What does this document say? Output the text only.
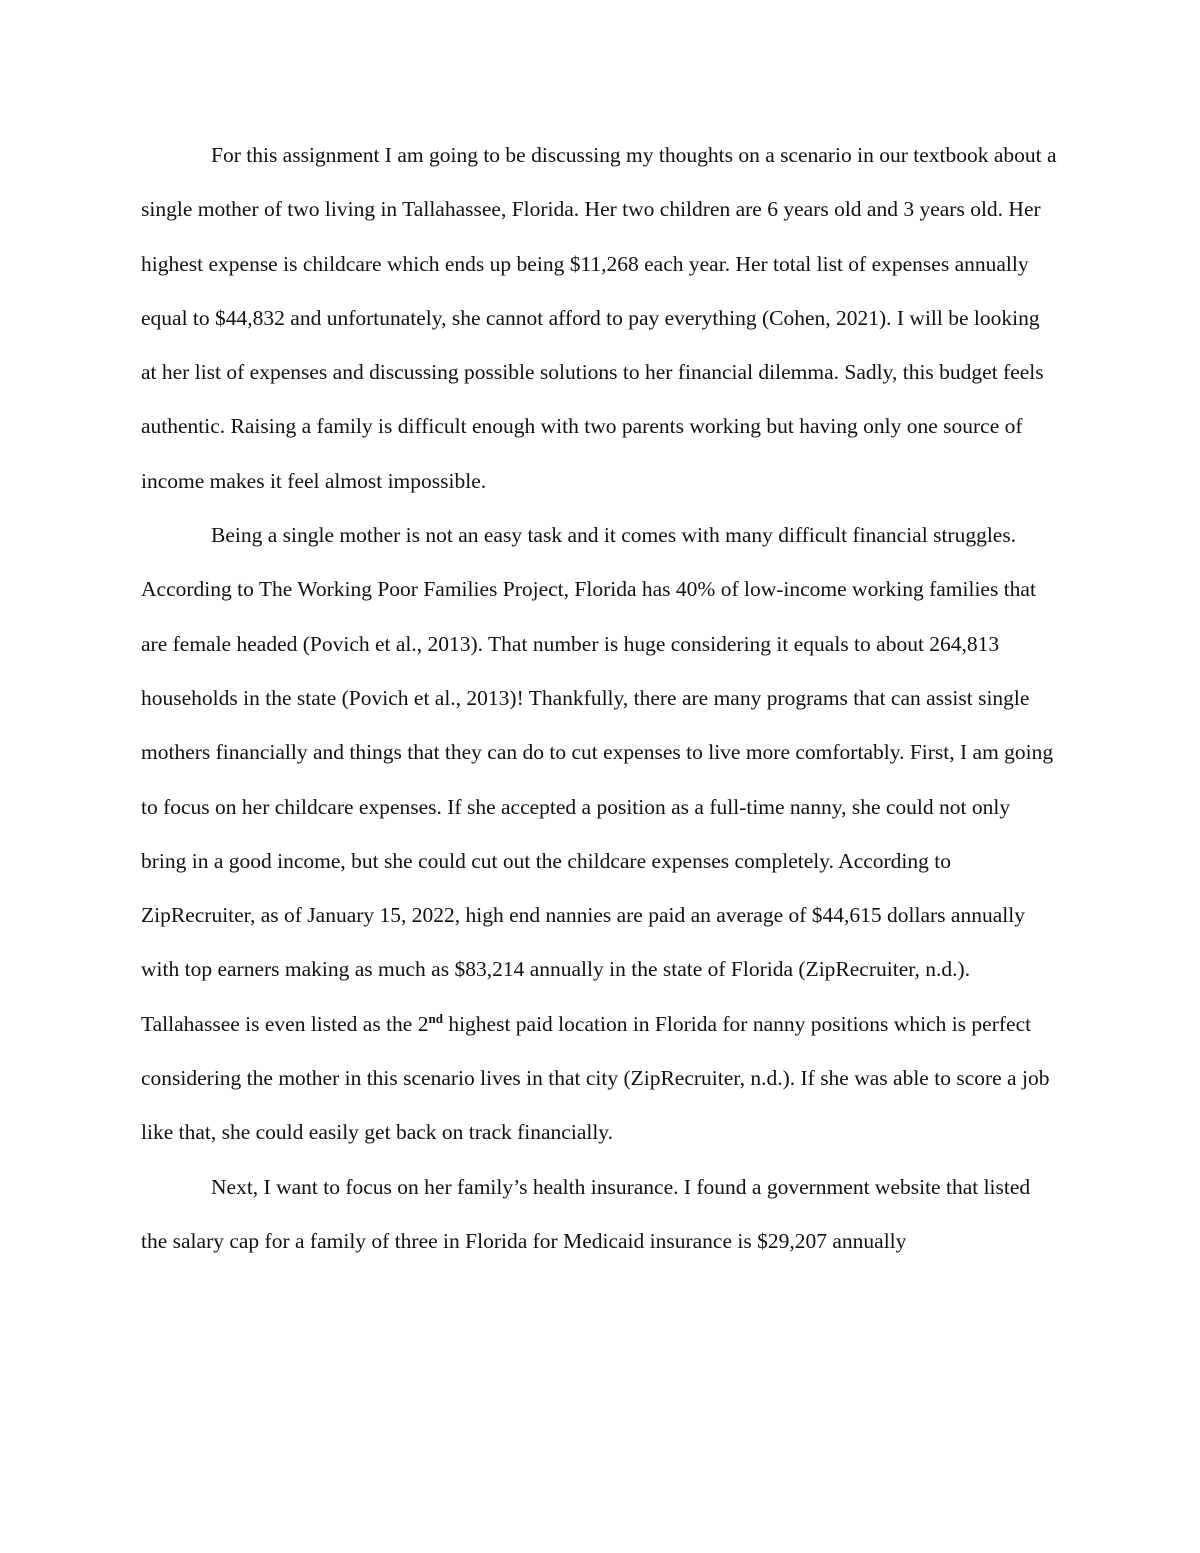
For this assignment I am going to be discussing my thoughts on a scenario in our textbook about a single mother of two living in Tallahassee, Florida. Her two children are 6 years old and 3 years old. Her highest expense is childcare which ends up being $11,268 each year. Her total list of expenses annually equal to $44,832 and unfortunately, she cannot afford to pay everything (Cohen, 2021). I will be looking at her list of expenses and discussing possible solutions to her financial dilemma. Sadly, this budget feels authentic. Raising a family is difficult enough with two parents working but having only one source of income makes it feel almost impossible.

Being a single mother is not an easy task and it comes with many difficult financial struggles. According to The Working Poor Families Project, Florida has 40% of low-income working families that are female headed (Povich et al., 2013). That number is huge considering it equals to about 264,813 households in the state (Povich et al., 2013)! Thankfully, there are many programs that can assist single mothers financially and things that they can do to cut expenses to live more comfortably. First, I am going to focus on her childcare expenses. If she accepted a position as a full-time nanny, she could not only bring in a good income, but she could cut out the childcare expenses completely. According to ZipRecruiter, as of January 15, 2022, high end nannies are paid an average of $44,615 dollars annually with top earners making as much as $83,214 annually in the state of Florida (ZipRecruiter, n.d.). Tallahassee is even listed as the 2nd highest paid location in Florida for nanny positions which is perfect considering the mother in this scenario lives in that city (ZipRecruiter, n.d.). If she was able to score a job like that, she could easily get back on track financially.

Next, I want to focus on her family’s health insurance. I found a government website that listed the salary cap for a family of three in Florida for Medicaid insurance is $29,207 annually
